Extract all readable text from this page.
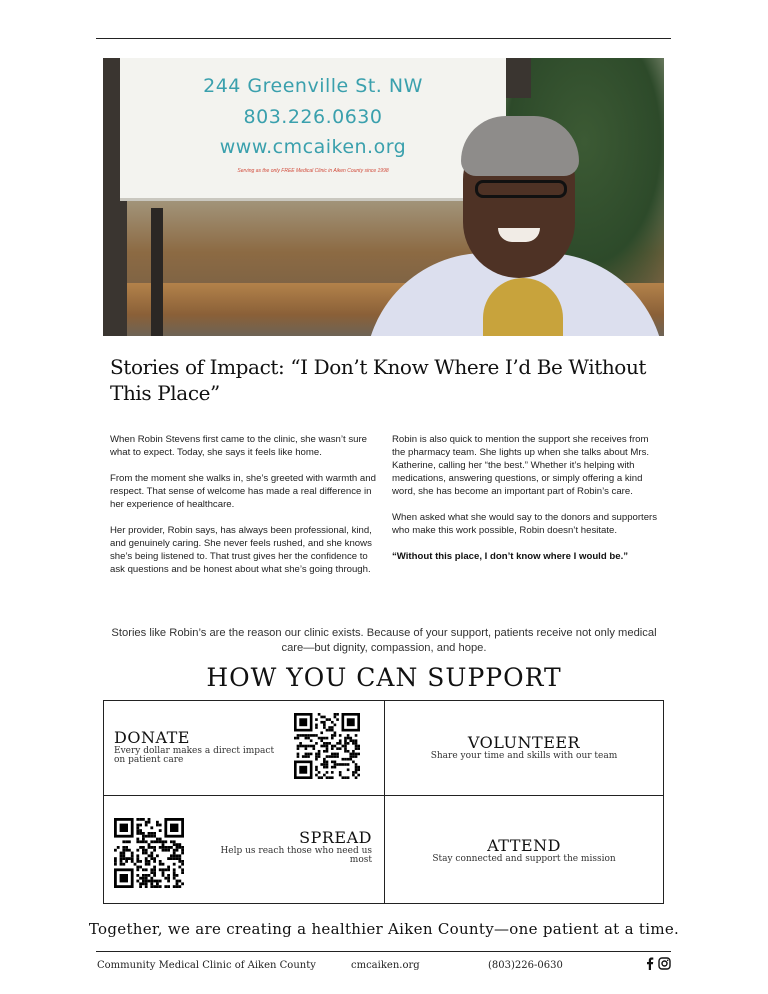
244 Greenville St. NW
803.226.0630
www.cmcaiken.org
Serving as the only FREE Medical Clinic in Aiken County since 1998
Stories of Impact: “I Don’t Know Where I’d Be Without This Place”

When Robin Stevens first came to the clinic, she wasn’t sure what to expect. Today, she says it feels like home.

From the moment she walks in, she’s greeted with warmth and respect. That sense of welcome has made a real difference in her experience of healthcare.

Her provider, Robin says, has always been professional, kind, and genuinely caring. She never feels rushed, and she knows she’s being listened to. That trust gives her the confidence to ask questions and be honest about what she’s going through.

Robin is also quick to mention the support she receives from the pharmacy team. She lights up when she talks about Mrs. Katherine, calling her “the best.” Whether it’s helping with medications, answering questions, or simply offering a kind word, she has become an important part of Robin’s care.

When asked what she would say to the donors and supporters who make this work possible, Robin doesn’t hesitate.

“Without this place, I don’t know where I would be.”

Stories like Robin’s are the reason our clinic exists. Because of your support, patients receive not only medical care—but dignity, compassion, and hope.

HOW YOU CAN SUPPORT

DONATE

Every dollar makes a direct impact on patient care

VOLUNTEER

Share your time and skills with our team

SPREAD

Help us reach those who need us most

ATTEND

Stay connected and support the mission

Together, we are creating a healthier Aiken County—one patient at a time.

Community Medical Clinic of Aiken County	cmcaiken.org	(803)226-0630
